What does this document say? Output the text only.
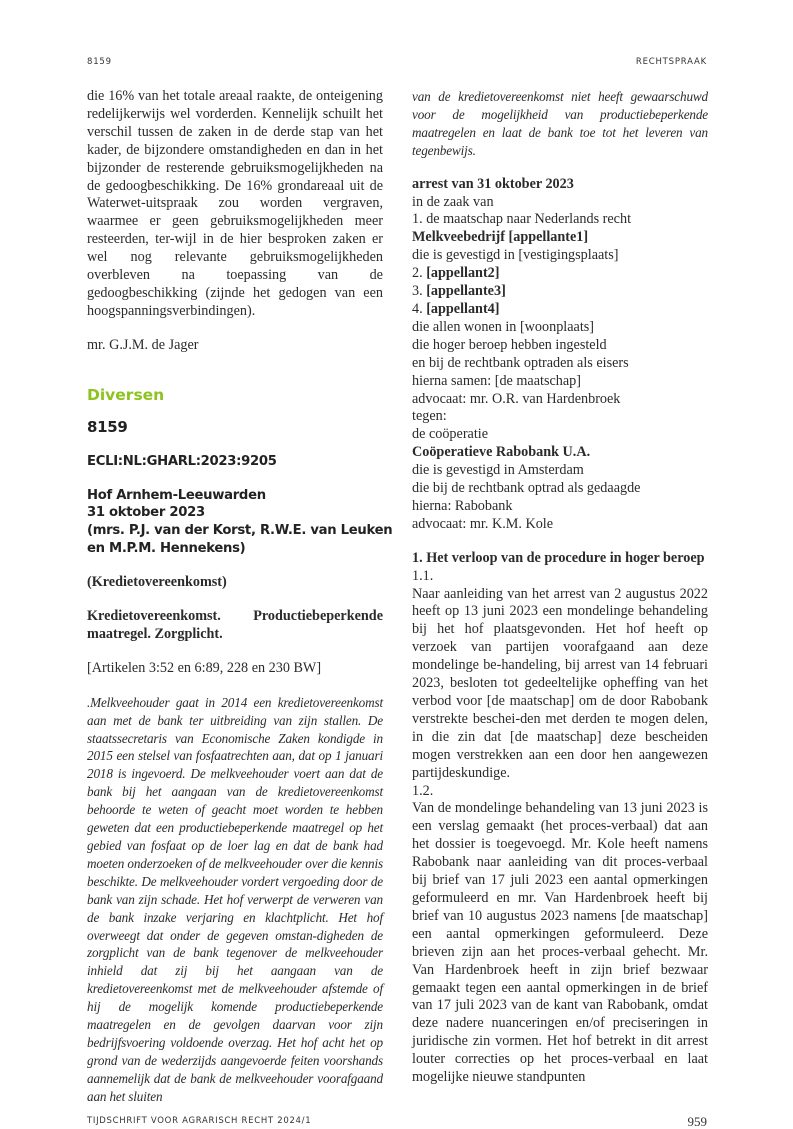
8159	RECHTSPRAAK

die 16% van het totale areaal raakte, de onteigening redelijkerwijs wel vorderden. Kennelijk schuilt het verschil tussen de zaken in de derde stap van het kader, de bijzondere omstandigheden en dan in het bijzonder de resterende gebruiksmogelijkheden na de gedoogbeschikking. De 16% grondareaal uit de Waterwet-uitspraak zou worden vergraven, waarmee er geen gebruiksmogelijkheden meer resteerden, ter-wijl in de hier besproken zaken er wel nog relevante gebruiksmogelijkheden overbleven na toepassing van de gedoogbeschikking (zijnde het gedogen van een hoogspanningsverbindingen).

mr. G.J.M. de Jager

Diversen
8159
ECLI:NL:GHARL:2023:9205
Hof Arnhem-Leeuwarden
31 oktober 2023
(mrs. P.J. van der Korst, R.W.E. van Leuken
en M.P.M. Hennekens)

(Kredietovereenkomst)

Kredietovereenkomst. Productiebeperkende maatregel. Zorgplicht.

[Artikelen 3:52 en 6:89, 228 en 230 BW]

.Melkveehouder gaat in 2014 een kredietovereenkomst aan met de bank ter uitbreiding van zijn stallen. De staatssecretaris van Economische Zaken kondigde in 2015 een stelsel van fosfaatrechten aan, dat op 1 januari 2018 is ingevoerd. De melkveehouder voert aan dat de bank bij het aangaan van de kredietovereenkomst behoorde te weten of geacht moet worden te hebben geweten dat een productiebeperkende maatregel op het gebied van fosfaat op de loer lag en dat de bank had moeten onderzoeken of de melkveehouder over die kennis beschikte. De melkveehouder vordert vergoeding door de bank van zijn schade. Het hof verwerpt de verweren van de bank inzake verjaring en klachtplicht. Het hof overweegt dat onder de gegeven omstan-digheden de zorgplicht van de bank tegenover de melkveehouder inhield dat zij bij het aangaan van de kredietovereenkomst met de melkveehouder afstemde of hij de mogelijk komende productiebeperkende maatregelen en de gevolgen daarvan voor zijn bedrijfsvoering voldoende overzag. Het hof acht het op grond van de wederzijds aangevoerde feiten voorshands aannemelijk dat de bank de melkveehouder voorafgaand aan het sluiten

van de kredietovereenkomst niet heeft gewaarschuwd voor de mogelijkheid van productiebeperkende maatregelen en laat de bank toe tot het leveren van tegenbewijs.

arrest van 31 oktober 2023

in de zaak van
1. de maatschap naar Nederlands recht
Melkveebedrijf [appellante1]
die is gevestigd in [vestigingsplaats]
2. [appellant2]
3. [appellante3]
4. [appellant4]
die allen wonen in [woonplaats]
die hoger beroep hebben ingesteld
en bij de rechtbank optraden als eisers
hierna samen: [de maatschap]
advocaat: mr. O.R. van Hardenbroek
tegen:
de coöperatie
Coöperatieve Rabobank U.A.
die is gevestigd in Amsterdam
die bij de rechtbank optrad als gedaagde
hierna: Rabobank
advocaat: mr. K.M. Kole

1. Het verloop van de procedure in hoger beroep

1.1.

Naar aanleiding van het arrest van 2 augustus 2022 heeft op 13 juni 2023 een mondelinge behandeling bij het hof plaatsgevonden. Het hof heeft op verzoek van partijen voorafgaand aan deze mondelinge be-handeling, bij arrest van 14 februari 2023, besloten tot gedeeltelijke opheffing van het verbod voor [de maatschap] om de door Rabobank verstrekte beschei-den met derden te mogen delen, in die zin dat [de maatschap] deze bescheiden mogen verstrekken aan een door hen aangewezen partijdeskundige.

1.2.

Van de mondelinge behandeling van 13 juni 2023 is een verslag gemaakt (het proces-verbaal) dat aan het dossier is toegevoegd. Mr. Kole heeft namens Rabobank naar aanleiding van dit proces-verbaal bij brief van 17 juli 2023 een aantal opmerkingen geformuleerd en mr. Van Hardenbroek heeft bij brief van 10 augustus 2023 namens [de maatschap] een aantal opmerkingen geformuleerd. Deze brieven zijn aan het proces-verbaal gehecht. Mr. Van Hardenbroek heeft in zijn brief bezwaar gemaakt tegen een aantal opmerkingen in de brief van 17 juli 2023 van de kant van Rabobank, omdat deze nadere nuanceringen en/of preciseringen in juridische zin vormen. Het hof betrekt in dit arrest louter correcties op het proces-verbaal en laat mogelijke nieuwe standpunten

TIJDSCHRIFT VOOR AGRARISCH RECHT 2024/1	959
